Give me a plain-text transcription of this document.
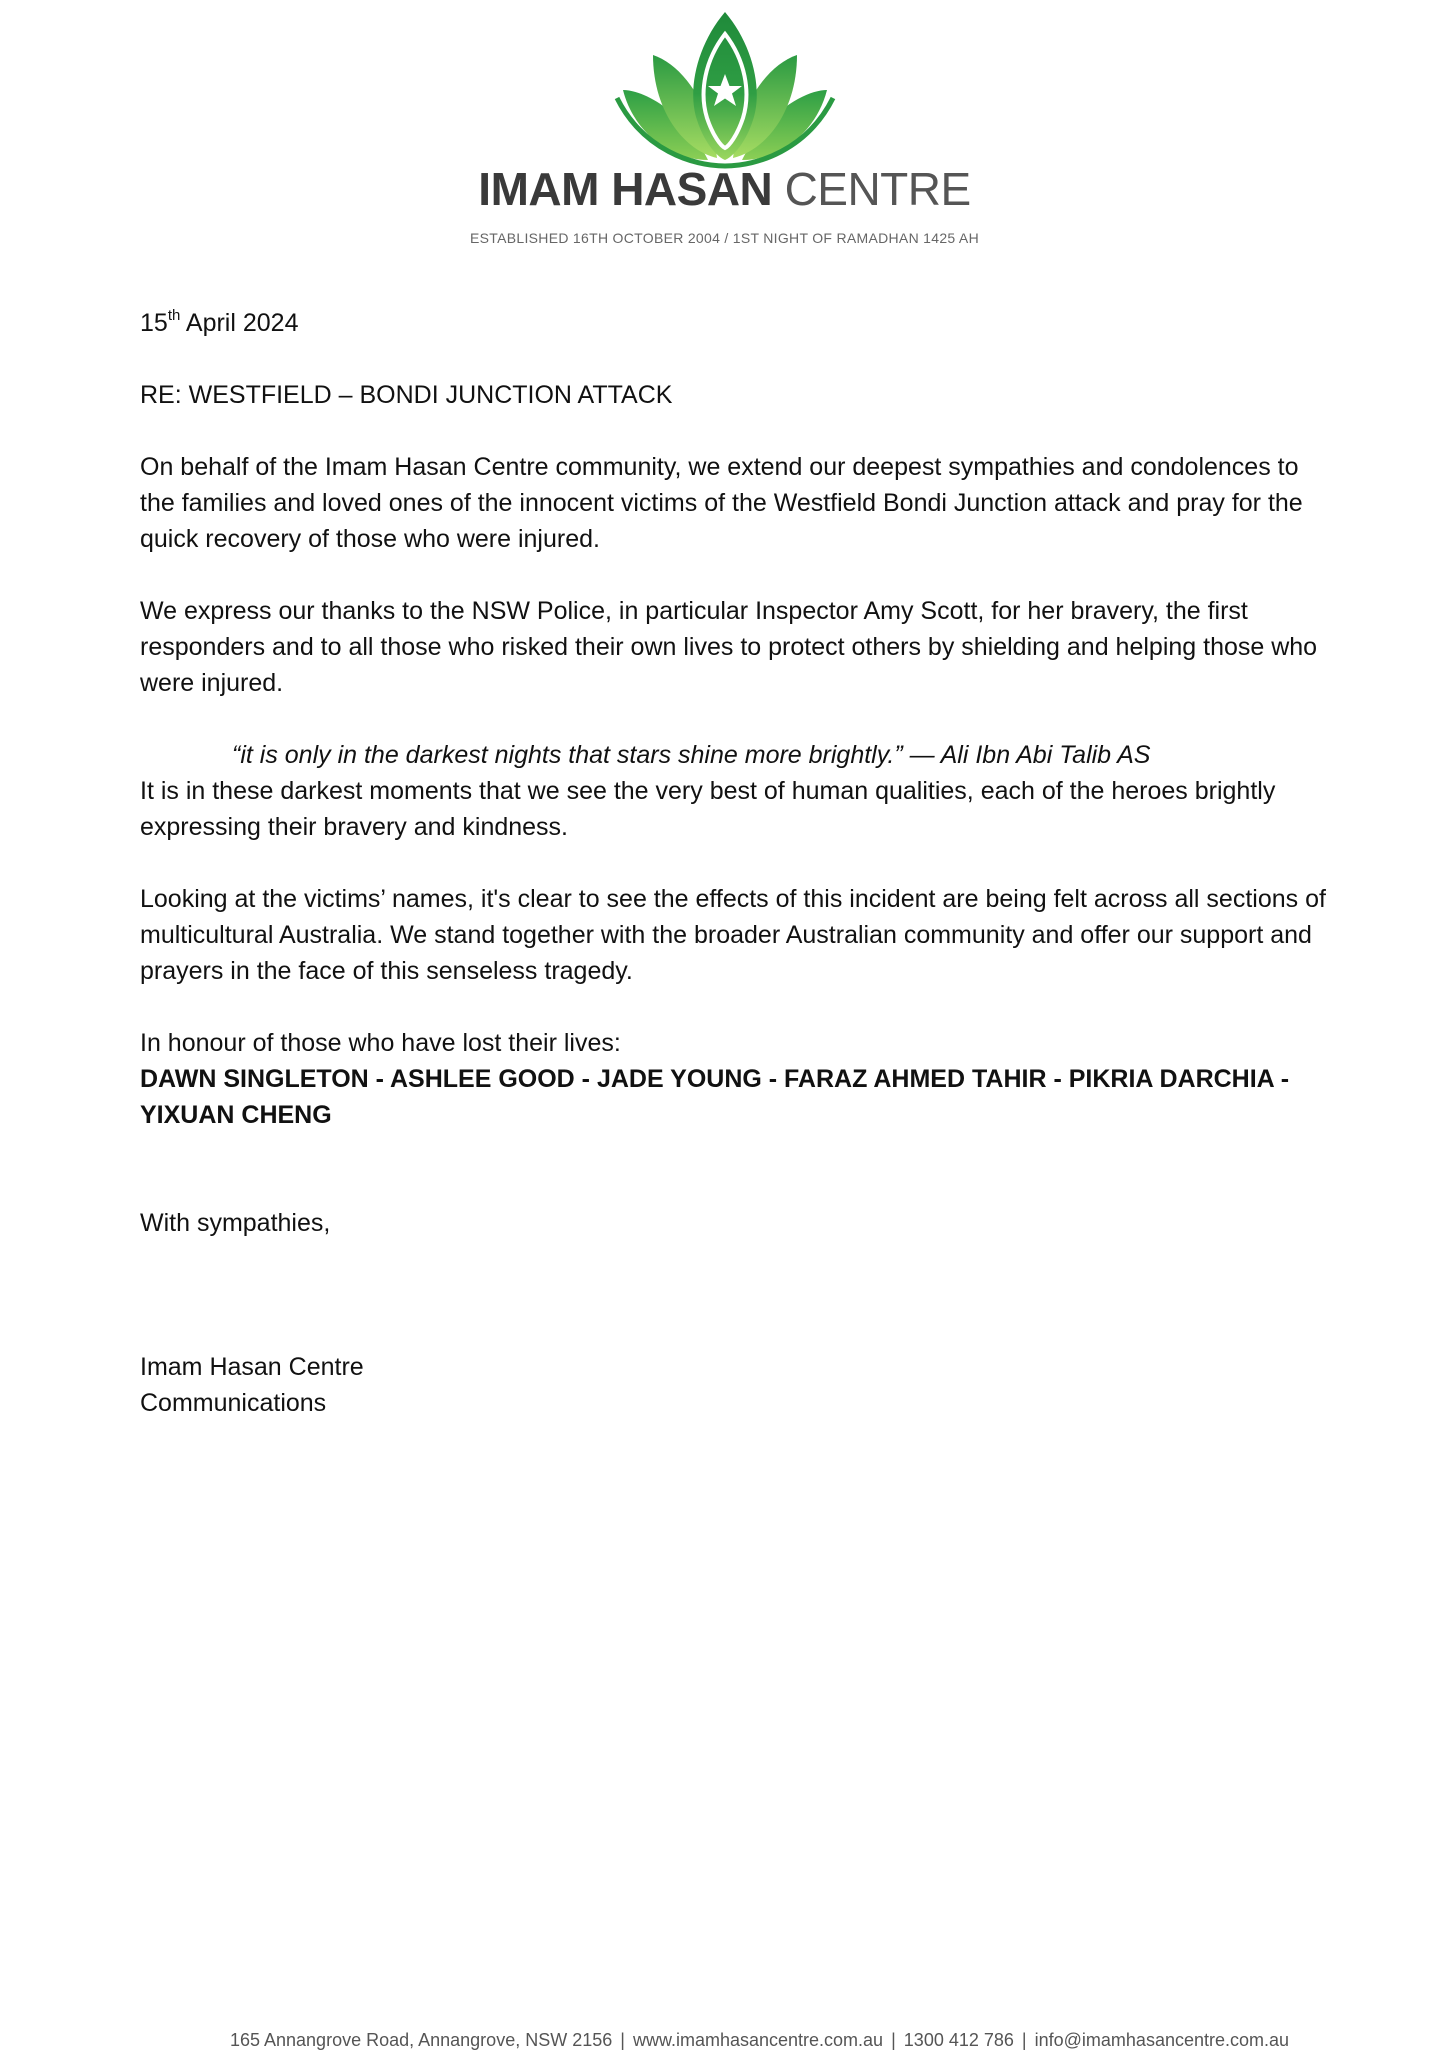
IMAM HASAN CENTRE
ESTABLISHED 16TH OCTOBER 2004 / 1ST NIGHT OF RAMADHAN 1425 AH
15th April 2024
RE: WESTFIELD – BONDI JUNCTION ATTACK
On behalf of the Imam Hasan Centre community, we extend our deepest sympathies and condolences to the families and loved ones of the innocent victims of the Westfield Bondi Junction attack and pray for the quick recovery of those who were injured.
We express our thanks to the NSW Police, in particular Inspector Amy Scott, for her bravery, the first responders and to all those who risked their own lives to protect others by shielding and helping those who were injured.
“it is only in the darkest nights that stars shine more brightly.” — Ali Ibn Abi Talib AS
It is in these darkest moments that we see the very best of human qualities, each of the heroes brightly expressing their bravery and kindness.
Looking at the victims’ names, it's clear to see the effects of this incident are being felt across all sections of multicultural Australia. We stand together with the broader Australian community and offer our support and prayers in the face of this senseless tragedy.
In honour of those who have lost their lives:
DAWN SINGLETON - ASHLEE GOOD - JADE YOUNG - FARAZ AHMED TAHIR - PIKRIA DARCHIA - YIXUAN CHENG
With sympathies,
Imam Hasan Centre
Communications
165 Annangrove Road, Annangrove, NSW 2156 | www.imamhasancentre.com.au | 1300 412 786 | info@imamhasancentre.com.au
